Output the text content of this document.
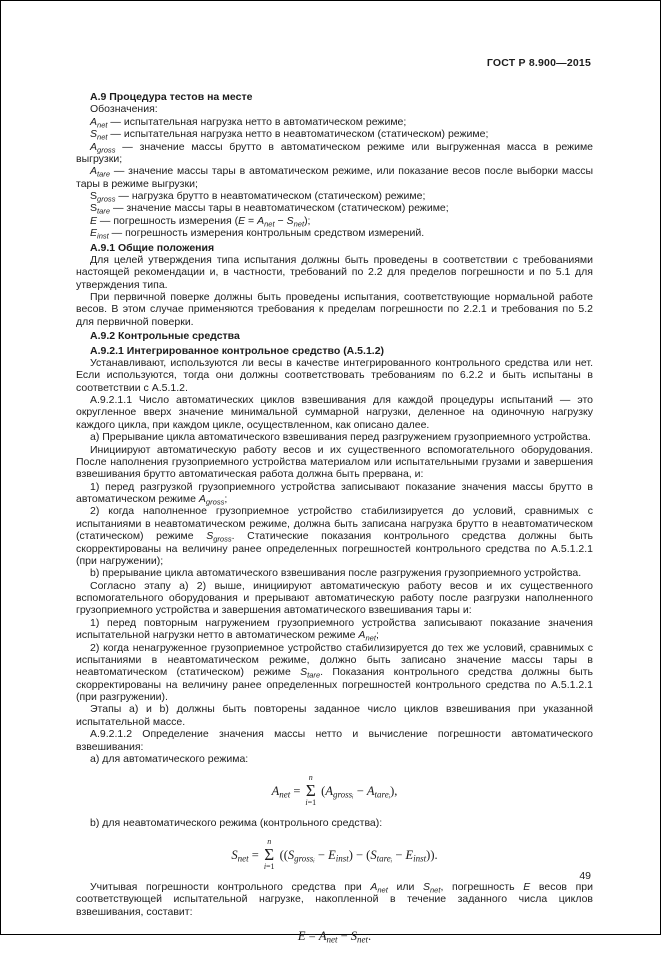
ГОСТ Р 8.900—2015
А.9 Процедура тестов на месте
Обозначения:
$A_{net}$ — испытательная нагрузка нетто в автоматическом режиме;
$S_{net}$ — испытательная нагрузка нетто в неавтоматическом (статическом) режиме;
$A_{gross}$ — значение массы брутто в автоматическом режиме или выгруженная масса в режиме выгрузки;
$A_{tare}$ — значение массы тары в автоматическом режиме, или показание весов после выборки массы тары в режиме выгрузки;
$S_{gross}$ — нагрузка брутто в неавтоматическом (статическом) режиме;
$S_{tare}$ — значение массы тары в неавтоматическом (статическом) режиме;
E — погрешность измерения $(E = A_{net} - S_{net})$;
$E_{inst}$ — погрешность измерения контрольным средством измерений.
А.9.1 Общие положения
Для целей утверждения типа испытания должны быть проведены в соответствии с требованиями настоящей рекомендации и, в частности, требований по 2.2 для пределов погрешности и по 5.1 для утверждения типа.
При первичной поверке должны быть проведены испытания, соответствующие нормальной работе весов. В этом случае применяются требования к пределам погрешности по 2.2.1 и требования по 5.2 для первичной поверки.
А.9.2 Контрольные средства
А.9.2.1 Интегрированное контрольное средство (А.5.1.2)
Устанавливают, используются ли весы в качестве интегрированного контрольного средства или нет. Если используются, тогда они должны соответствовать требованиям по 6.2.2 и быть испытаны в соответствии с А.5.1.2.
А.9.2.1.1 Число автоматических циклов взвешивания для каждой процедуры испытаний — это округленное вверх значение минимальной суммарной нагрузки, деленное на одиночную нагрузку каждого цикла, при каждом цикле, осуществленном, как описано далее.
а) Прерывание цикла автоматического взвешивания перед разгружением грузоприемного устройства.
Инициируют автоматическую работу весов и их существенного вспомогательного оборудования. После наполнения грузоприемного устройства материалом или испытательными грузами и завершения взвешивания брутто автоматическая работа должна быть прервана, и:
1) перед разгрузкой грузоприемного устройства записывают показание значения массы брутто в автоматическом режиме $A_{gross}$;
2) когда наполненное грузоприемное устройство стабилизируется до условий, сравнимых с испытаниями в неавтоматическом режиме, должна быть записана нагрузка брутто в неавтоматическом (статическом) режиме $S_{gross}$. Статические показания контрольного средства должны быть скорректированы на величину ранее определенных погрешностей контрольного средства по А.5.1.2.1 (при нагружении);
b) прерывание цикла автоматического взвешивания после разгружения грузоприемного устройства.
Согласно этапу а) 2) выше, инициируют автоматическую работу весов и их существенного вспомогательного оборудования и прерывают автоматическую работу после разгрузки наполненного грузоприемного устройства и завершения автоматического взвешивания тары и:
1) перед повторным нагружением грузоприемного устройства записывают показание значения испытательной нагрузки нетто в автоматическом режиме $A_{net}$;
2) когда ненагруженное грузоприемное устройство стабилизируется до тех же условий, сравнимых с испытаниями в неавтоматическом режиме, должно быть записано значение массы тары в неавтоматическом (статическом) режиме $S_{tare}$. Показания контрольного средства должны быть скорректированы на величину ранее определенных погрешностей контрольного средства по А.5.1.2.1 (при разгружении).
Этапы а) и b) должны быть повторены заданное число циклов взвешивания при указанной испытательной массе.
А.9.2.1.2 Определение значения массы нетто и вычисление погрешности автоматического взвешивания:
а) для автоматического режима:
$A_{net}$ =
n
Σ
i=1
$(A_{grossᵢ} - A_{tareᵢ})$,
b) для неавтоматического режима (контрольного средства):
$S_{net}$ =
n
Σ
i=1
$((S_{grossᵢ} - E_{inst}) - (S_{tareᵢ} - E_{inst}))$.
Учитывая погрешности контрольного средства при $A_{net}$ или $S_{net}$, погрешность E весов при соответствующей испытательной нагрузке, накопленной в течение заданного числа циклов взвешивания, составит:
$E = A_{net} - S_{net}$.
49
